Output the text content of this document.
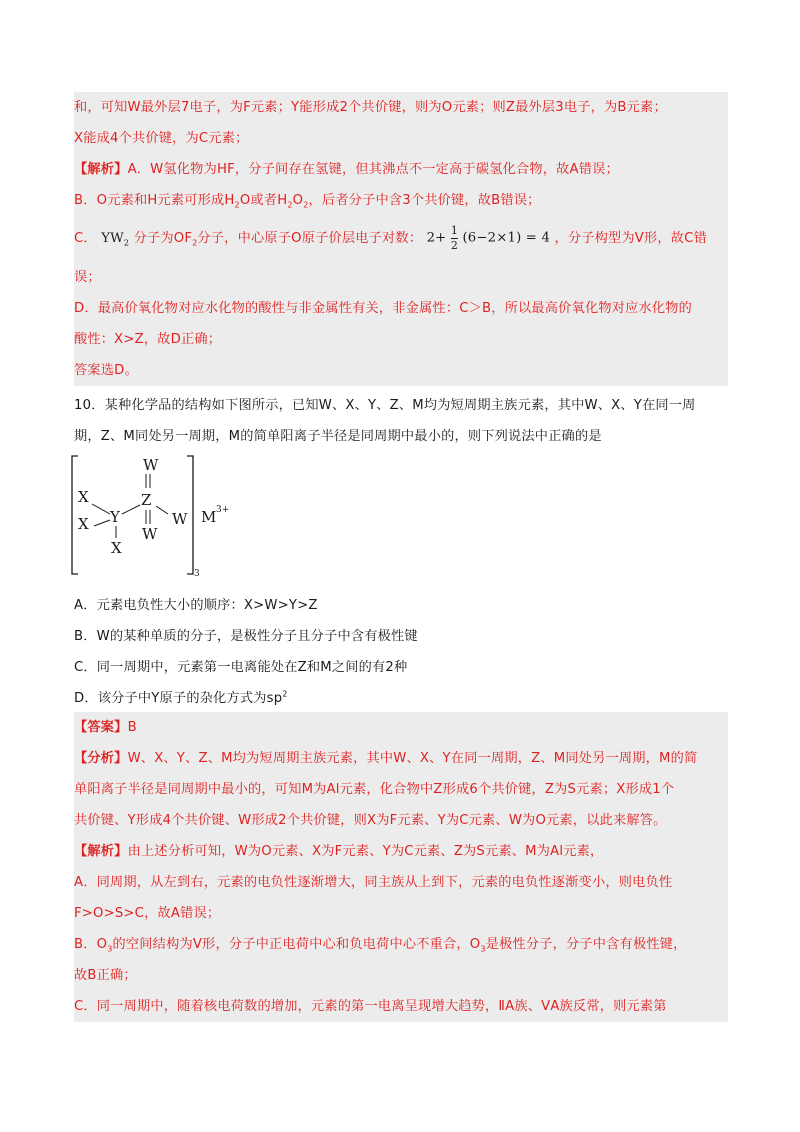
和，可知W最外层7电子，为F元素；Y能形成2个共价键，则为O元素；则Z最外层3电子，为B元素；
X能成4个共价键，为C元素；
【解析】A．W氢化物为HF，分子间存在氢键，但其沸点不一定高于碳氢化合物，故A错误；
B．O元素和H元素可形成$H_2O$或者$H_2O_2$，后者分子中含3个共价键，故B错误；
C． $YW_2$ 分子为$OF_2$分子，中心原子O原子价层电子对数： $2+ \frac{1}{2} (6-2\times 1) = 4$ ，分子构型为V形，故C错
误；
D．最高价氧化物对应水化物的酸性与非金属性有关，非金属性：C＞B，所以最高价氧化物对应水化物的
酸性：X>Z，故D正确；
答案选D。
10．某种化学品的结构如下图所示，已知W、X、Y、Z、M均为短周期主族元素，其中W、X、Y在同一周
期，Z、M同处另一周期，M的简单阳离子半径是同周期中最小的，则下列说法中正确的是
W
X
X Y
X
Z
W
W
M 3+
3
A．元素电负性大小的顺序：X>W>Y>Z
B．W的某种单质的分子，是极性分子且分子中含有极性键
C．同一周期中，元素第一电离能处在Z和M之间的有2种
D．该分子中Y原子的杂化方式为$sp^2$
【答案】B
【分析】W、X、Y、Z、M均为短周期主族元素，其中W、X、Y在同一周期，Z、M同处另一周期，M的简
单阳离子半径是同周期中最小的，可知M为Al元素，化合物中Z形成6个共价键，Z为S元素；X形成1个
共价键、Y形成4个共价键、W形成2个共价键，则X为F元素、Y为C元素、W为O元素，以此来解答。
【解析】由上述分析可知，W为O元素、X为F元素、Y为C元素、Z为S元素、M为Al元素，
A．同周期，从左到右，元素的电负性逐渐增大，同主族从上到下，元素的电负性逐渐变小，则电负性
F>O>S>C，故A错误；
B．$O_3$的空间结构为V形，分子中正电荷中心和负电荷中心不重合，$O_3$是极性分子，分子中含有极性键，
故B正确；
C．同一周期中，随着核电荷数的增加，元素的第一电离呈现增大趋势，ⅡA族、ⅤA族反常，则元素第
